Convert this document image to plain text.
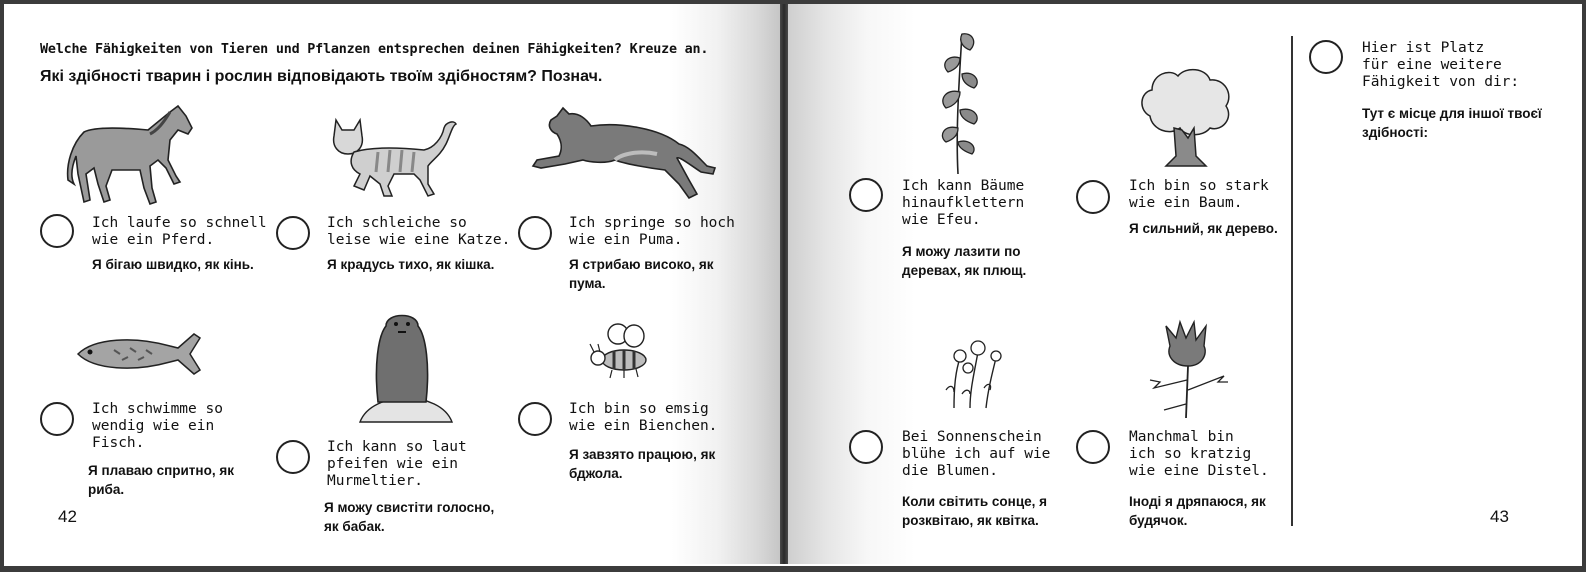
Welche Fähigkeiten von Tieren und Pflanzen entsprechen deinen Fähigkeiten? Kreuze an.
Які здібності тварин і рослин відповідають твоїм здібностям? Познач.
Ich laufe so schnell
wie ein Pferd.
Я бігаю швидко, як кінь.
Ich schleiche so
leise wie eine Katze.
Я крадусь тихо, як кішка.
Ich springe so hoch
wie ein Puma.
Я стрибаю високо, як
пума.
Ich schwimme so
wendig wie ein
Fisch.
Я плаваю спритно, як
риба.
Ich kann so laut
pfeifen wie ein
Murmeltier.
Я можу свистіти голосно,
як бабак.
Ich bin so emsig
wie ein Bienchen.
Я завзято працюю, як
бджола.
42
Ich kann Bäume
hinaufklettern
wie Efeu.
Я можу лазити по
деревах, як плющ.
Ich bin so stark
wie ein Baum.
Я сильний, як дерево.
Bei Sonnenschein
blühe ich auf wie
die Blumen.
Коли світить сонце, я
розквітаю, як квітка.
Manchmal bin
ich so kratzig
wie eine Distel.
Іноді я дряпаюся, як
будячок.
Hier ist Platz
für eine weitere
Fähigkeit von dir:
Тут є місце для іншої твоєї
здібності:
43
